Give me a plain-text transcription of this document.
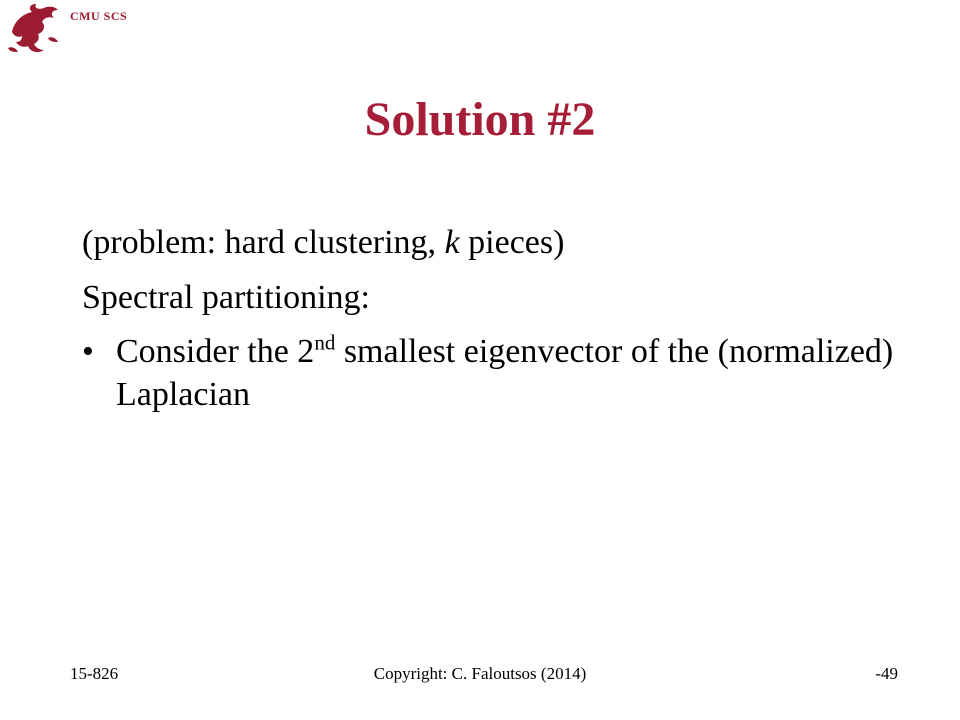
CMU SCS
Solution #2
(problem: hard clustering, k pieces)
Spectral partitioning:
• Consider the 2nd smallest eigenvector of the (normalized) Laplacian
15-826	Copyright: C. Faloutsos (2014)	-49
